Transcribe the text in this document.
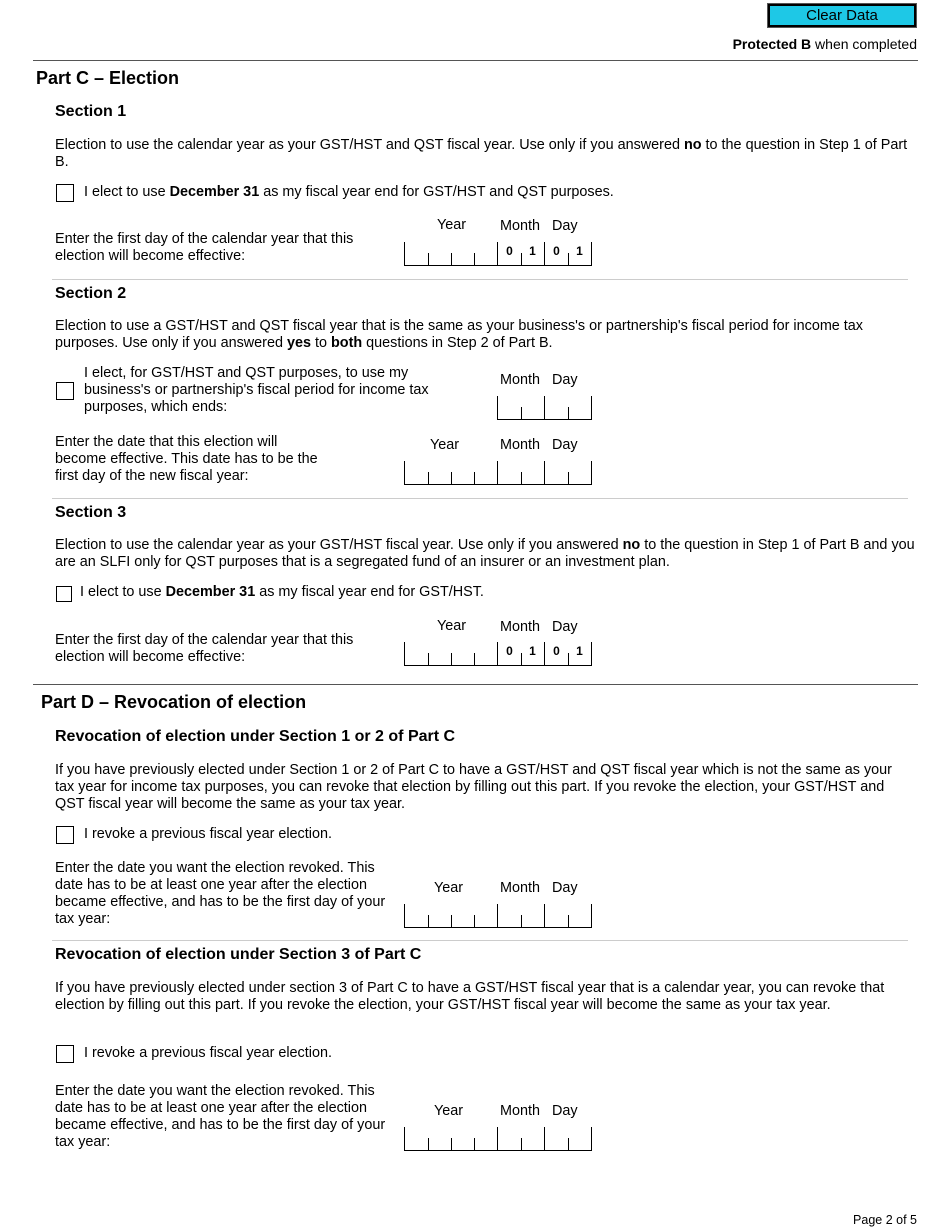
Clear Data
Protected B when completed
Part C – Election
Section 1
Election to use the calendar year as your GST/HST and QST fiscal year. Use only if you answered no to the question in Step 1 of Part B.
I elect to use December 31 as my fiscal year end for GST/HST and QST purposes.
Year Month Day
Enter the first day of the calendar year that this election will become effective:	0	1	0	1
Section 2
Election to use a GST/HST and QST fiscal year that is the same as your business's or partnership's fiscal period for income tax purposes. Use only if you answered yes to both questions in Step 2 of Part B.
I elect, for GST/HST and QST purposes, to use my business's or partnership's fiscal period for income tax purposes, which ends:
Month Day
Enter the date that this election will become effective. This date has to be the first day of the new fiscal year:
Year	Month Day
Section 3
Election to use the calendar year as your GST/HST fiscal year. Use only if you answered no to the question in Step 1 of Part B and you are an SLFI only for QST purposes that is a segregated fund of an insurer or an investment plan.
I elect to use December 31 as my fiscal year end for GST/HST.
Year Month Day
Enter the first day of the calendar year that this election will become effective:	0	1	0	1
Part D – Revocation of election
Revocation of election under Section 1 or 2 of Part C
If you have previously elected under Section 1 or 2 of Part C to have a GST/HST and QST fiscal year which is not the same as your tax year for income tax purposes, you can revoke that election by filling out this part. If you revoke the election, your GST/HST and QST fiscal year will become the same as your tax year.
I revoke a previous fiscal year election.
Enter the date you want the election revoked. This date has to be at least one year after the election became effective, and has to be the first day of your tax year:
Year	Month Day
Revocation of election under Section 3 of Part C
If you have previously elected under section 3 of Part C to have a GST/HST fiscal year that is a calendar year, you can revoke that election by filling out this part. If you revoke the election, your GST/HST fiscal year will become the same as your tax year.
I revoke a previous fiscal year election.
Enter the date you want the election revoked. This date has to be at least one year after the election became effective, and has to be the first day of your tax year:
Year	Month Day
Page 2 of 5
